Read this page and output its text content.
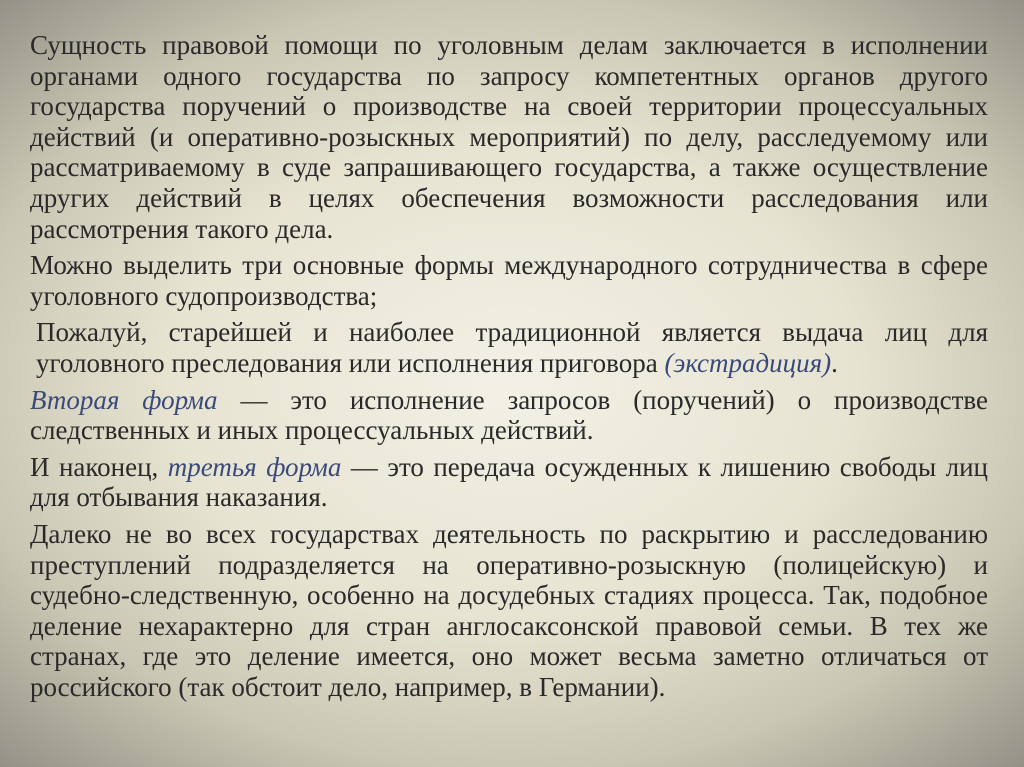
Сущность правовой помощи по уголовным делам заключается в исполнении органами одного государства по запросу компетентных органов другого государства поручений о производстве на своей территории процессуальных действий (и оперативно-розыскных мероприятий) по делу, расследуемому или рассматриваемому в суде запрашивающего государства, а также осуществление других действий в целях обеспечения возможности расследования или рассмотрения такого дела.

Можно выделить три основные формы международного сотрудничества в сфере уголовного судопроизводства;

Пожалуй, старейшей и наиболее традиционной является выдача лиц для уголовного преследования или исполнения приговора (экстрадиция).

Вторая форма — это исполнение запросов (поручений) о производстве следственных и иных процессуальных действий.

И наконец, третья форма — это передача осужденных к лишению свободы лиц для отбывания наказания.

Далеко не во всех государствах деятельность по раскрытию и расследованию преступлений подразделяется на оперативно-розыскную (полицейскую) и судебно-следственную, особенно на досудебных стадиях процесса. Так, подобное деление нехарактерно для стран англосаксонской правовой семьи. В тех же странах, где это деление имеется, оно может весьма заметно отличаться от российского (так обстоит дело, например, в Германии).
